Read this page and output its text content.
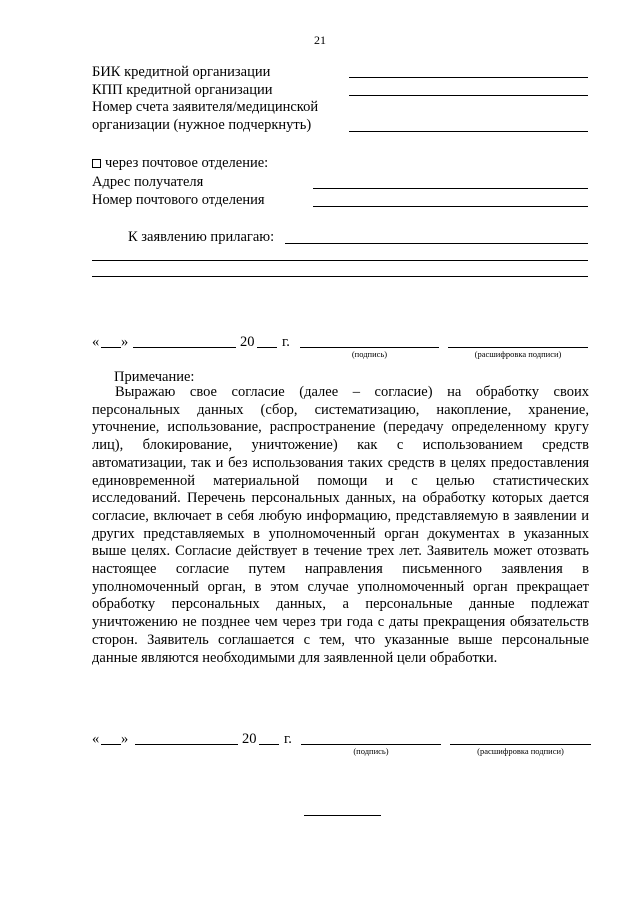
21
БИК кредитной организации
КПП кредитной организации
Номер счета заявителя/медицинской
организации (нужное подчеркнуть)
через почтовое отделение:
Адрес получателя
Номер почтового отделения
К заявлению прилагаю:
« »	20 г.
(подпись)	(расшифровка подписи)
Примечание:
Выражаю свое согласие (далее – согласие) на обработку своих персональных данных (сбор, систематизацию, накопление, хранение, уточнение, использование, распространение (передачу определенному кругу лиц), блокирование, уничтожение) как с использованием средств автоматизации, так и без использования таких средств в целях предоставления единовременной материальной помощи и с целью статистических исследований. Перечень персональных данных, на обработку которых дается согласие, включает в себя любую информацию, представляемую в заявлении и других представляемых в уполномоченный орган документах в указанных выше целях. Согласие действует в течение трех лет. Заявитель может отозвать настоящее согласие путем направления письменного заявления в уполномоченный орган, в этом случае уполномоченный орган прекращает обработку персональных данных, а персональные данные подлежат уничтожению не позднее чем через три года с даты прекращения обязательств сторон. Заявитель соглашается с тем, что указанные выше персональные данные являются необходимыми для заявленной цели обработки.
« »	20 г.
(подпись)	(расшифровка подписи)
